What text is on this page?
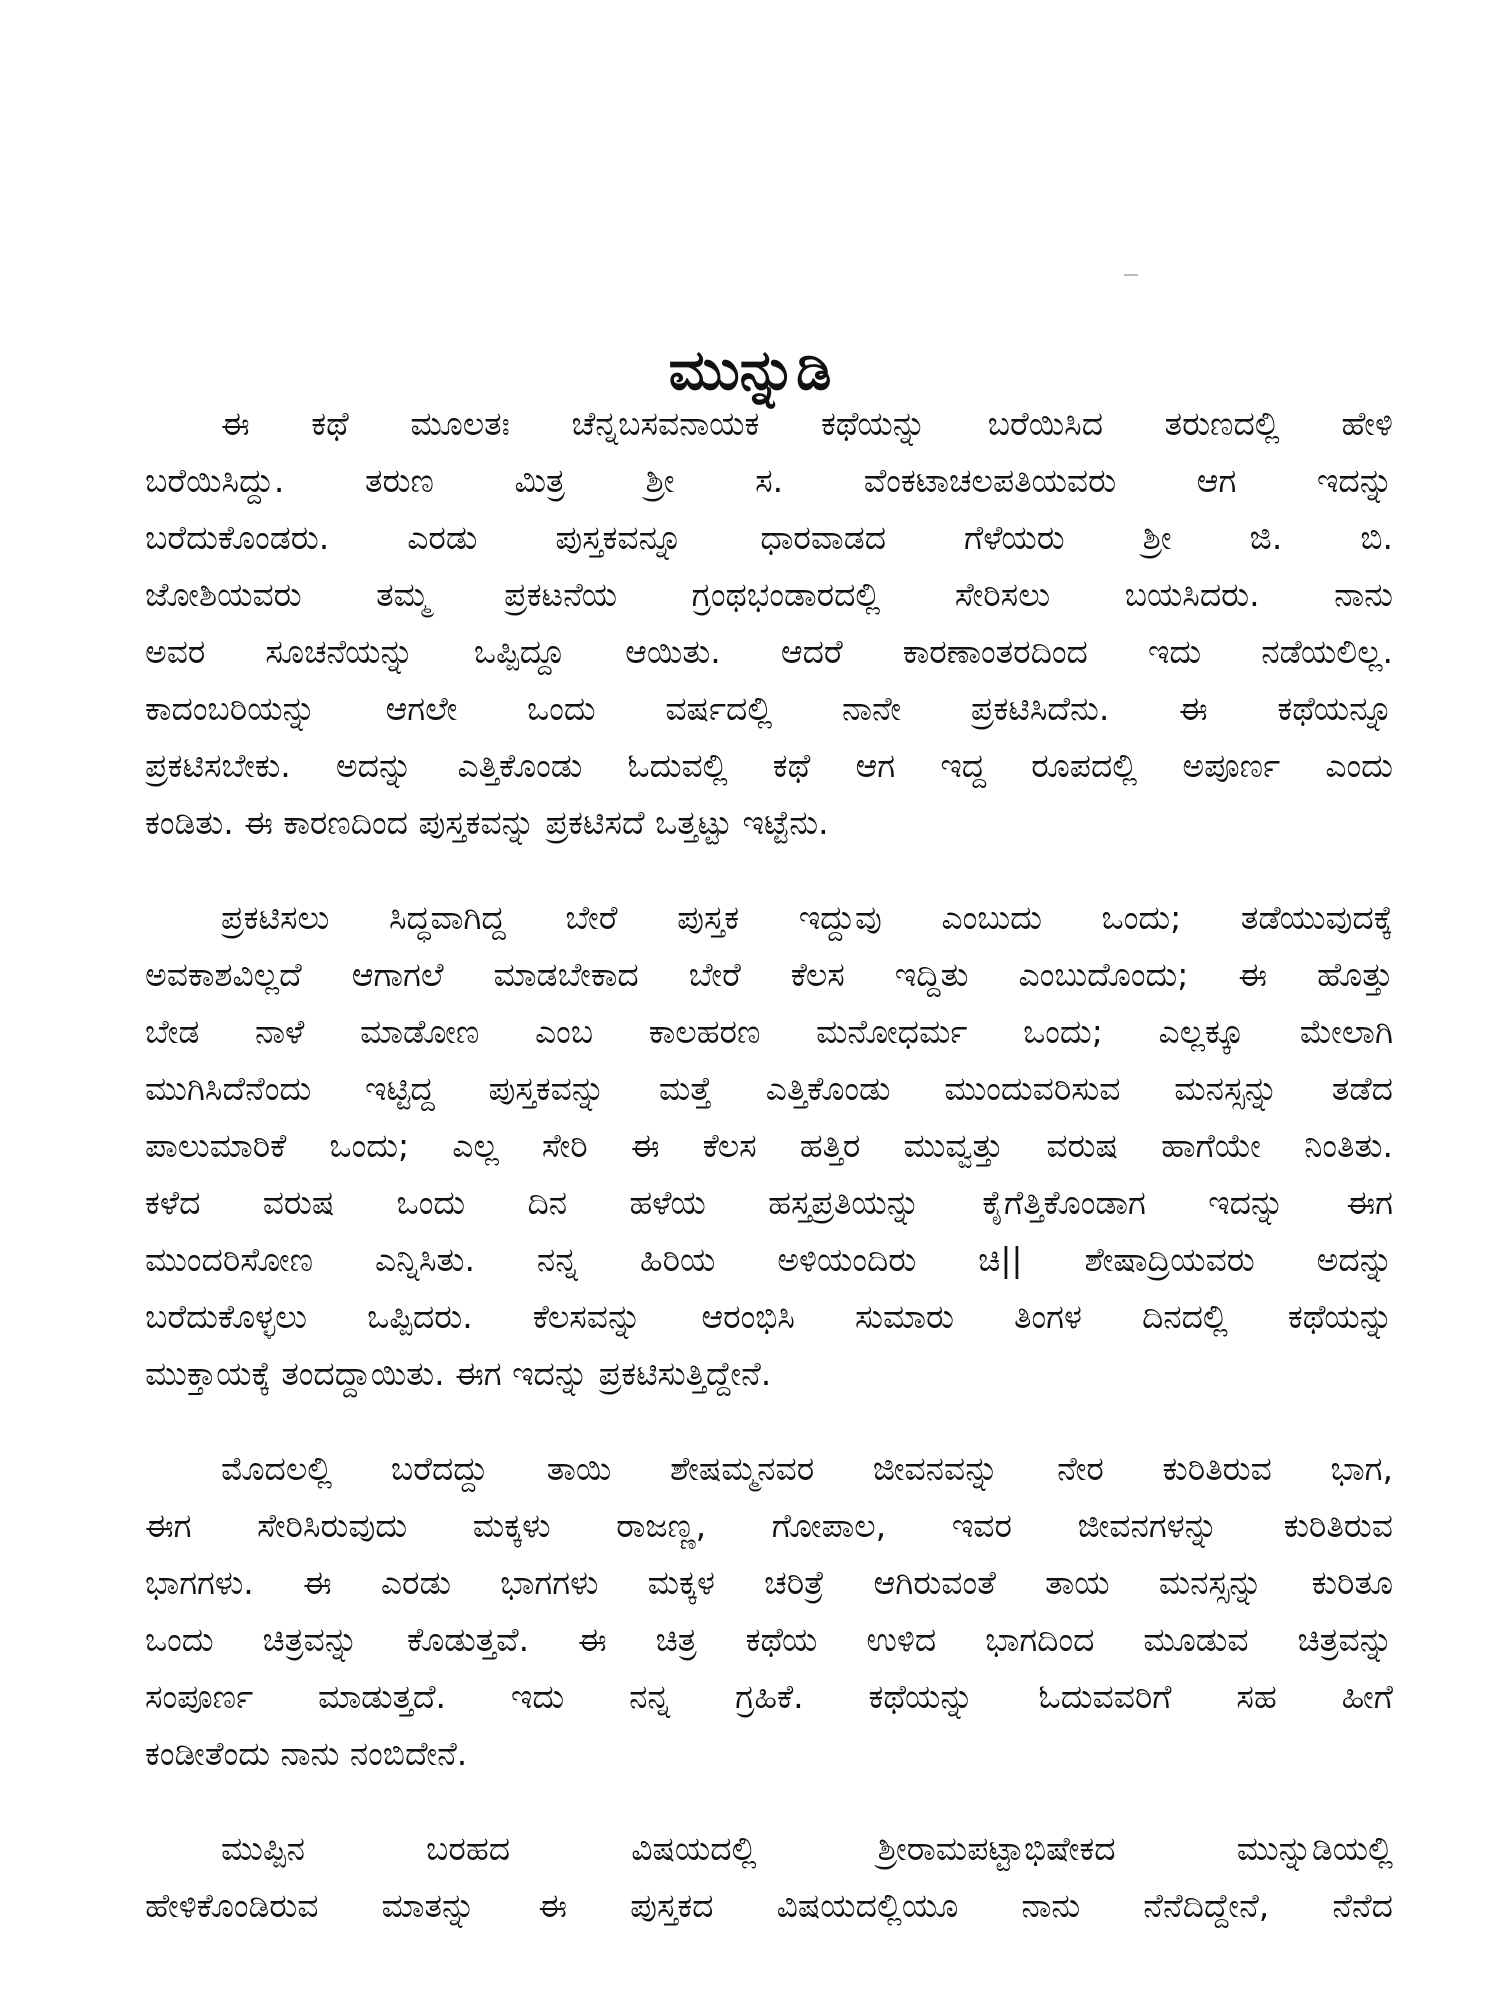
ಮುನ್ನುಡಿ
ಈ ಕಥೆ ಮೂಲತಃ ಚೆನ್ನಬಸವನಾಯಕ ಕಥೆಯನ್ನು ಬರೆಯಿಸಿದ ತರುಣದಲ್ಲಿ ಹೇಳಿ
ಬರೆಯಿಸಿದ್ದು. ತರುಣ ಮಿತ್ರ ಶ್ರೀ ಸ. ವೆಂಕಟಾಚಲಪತಿಯವರು ಆಗ ಇದನ್ನು
ಬರೆದುಕೊಂಡರು. ಎರಡು ಪುಸ್ತಕವನ್ನೂ ಧಾರವಾಡದ ಗೆಳೆಯರು ಶ್ರೀ ಜಿ. ಬಿ.
ಜೋಶಿಯವರು ತಮ್ಮ ಪ್ರಕಟನೆಯ ಗ್ರಂಥಭಂಡಾರದಲ್ಲಿ ಸೇರಿಸಲು ಬಯಸಿದರು. ನಾನು
ಅವರ ಸೂಚನೆಯನ್ನು ಒಪ್ಪಿದ್ದೂ ಆಯಿತು. ಆದರೆ ಕಾರಣಾಂತರದಿಂದ ಇದು ನಡೆಯಲಿಲ್ಲ.
ಕಾದಂಬರಿಯನ್ನು ಆಗಲೇ ಒಂದು ವರ್ಷದಲ್ಲಿ ನಾನೇ ಪ್ರಕಟಿಸಿದೆನು. ಈ ಕಥೆಯನ್ನೂ
ಪ್ರಕಟಿಸಬೇಕು. ಅದನ್ನು ಎತ್ತಿಕೊಂಡು ಓದುವಲ್ಲಿ ಕಥೆ ಆಗ ಇದ್ದ ರೂಪದಲ್ಲಿ ಅಪೂರ್ಣ ಎಂದು
ಕಂಡಿತು. ಈ ಕಾರಣದಿಂದ ಪುಸ್ತಕವನ್ನು ಪ್ರಕಟಿಸದೆ ಒತ್ತಟ್ಟು ಇಟ್ಟೆನು.
ಪ್ರಕಟಿಸಲು ಸಿದ್ಧವಾಗಿದ್ದ ಬೇರೆ ಪುಸ್ತಕ ಇದ್ದುವು ಎಂಬುದು ಒಂದು; ತಡೆಯುವುದಕ್ಕೆ
ಅವಕಾಶವಿಲ್ಲದೆ ಆಗಾಗಲೆ ಮಾಡಬೇಕಾದ ಬೇರೆ ಕೆಲಸ ಇದ್ದಿತು ಎಂಬುದೊಂದು; ಈ ಹೊತ್ತು
ಬೇಡ ನಾಳೆ ಮಾಡೋಣ ಎಂಬ ಕಾಲಹರಣ ಮನೋಧರ್ಮ ಒಂದು; ಎಲ್ಲಕ್ಕೂ ಮೇಲಾಗಿ
ಮುಗಿಸಿದೆನೆಂದು ಇಟ್ಟಿದ್ದ ಪುಸ್ತಕವನ್ನು ಮತ್ತೆ ಎತ್ತಿಕೊಂಡು ಮುಂದುವರಿಸುವ ಮನಸ್ಸನ್ನು ತಡೆದ
ಪಾಲುಮಾರಿಕೆ ಒಂದು; ಎಲ್ಲ ಸೇರಿ ಈ ಕೆಲಸ ಹತ್ತಿರ ಮುವ್ವತ್ತು ವರುಷ ಹಾಗೆಯೇ ನಿಂತಿತು.
ಕಳೆದ ವರುಷ ಒಂದು ದಿನ ಹಳೆಯ ಹಸ್ತಪ್ರತಿಯನ್ನು ಕೈಗೆತ್ತಿಕೊಂಡಾಗ ಇದನ್ನು ಈಗ
ಮುಂದರಿಸೋಣ ಎನ್ನಿಸಿತು. ನನ್ನ ಹಿರಿಯ ಅಳಿಯಂದಿರು ಚಿ|| ಶೇಷಾದ್ರಿಯವರು ಅದನ್ನು
ಬರೆದುಕೊಳ್ಳಲು ಒಪ್ಪಿದರು. ಕೆಲಸವನ್ನು ಆರಂಭಿಸಿ ಸುಮಾರು ತಿಂಗಳ ದಿನದಲ್ಲಿ ಕಥೆಯನ್ನು
ಮುಕ್ತಾಯಕ್ಕೆ ತಂದದ್ದಾಯಿತು. ಈಗ ಇದನ್ನು ಪ್ರಕಟಿಸುತ್ತಿದ್ದೇನೆ.
ಮೊದಲಲ್ಲಿ ಬರೆದದ್ದು ತಾಯಿ ಶೇಷಮ್ಮನವರ ಜೀವನವನ್ನು ನೇರ ಕುರಿತಿರುವ ಭಾಗ,
ಈಗ ಸೇರಿಸಿರುವುದು ಮಕ್ಕಳು ರಾಜಣ್ಣ, ಗೋಪಾಲ, ಇವರ ಜೀವನಗಳನ್ನು ಕುರಿತಿರುವ
ಭಾಗಗಳು. ಈ ಎರಡು ಭಾಗಗಳು ಮಕ್ಕಳ ಚರಿತ್ರೆ ಆಗಿರುವಂತೆ ತಾಯ ಮನಸ್ಸನ್ನು ಕುರಿತೂ
ಒಂದು ಚಿತ್ರವನ್ನು ಕೊಡುತ್ತವೆ. ಈ ಚಿತ್ರ ಕಥೆಯ ಉಳಿದ ಭಾಗದಿಂದ ಮೂಡುವ ಚಿತ್ರವನ್ನು
ಸಂಪೂರ್ಣ ಮಾಡುತ್ತದೆ. ಇದು ನನ್ನ ಗ್ರಹಿಕೆ. ಕಥೆಯನ್ನು ಓದುವವರಿಗೆ ಸಹ ಹೀಗೆ
ಕಂಡೀತೆಂದು ನಾನು ನಂಬಿದೇನೆ.
ಮುಪ್ಪಿನ ಬರಹದ ವಿಷಯದಲ್ಲಿ ಶ್ರೀರಾಮಪಟ್ಟಾಭಿಷೇಕದ ಮುನ್ನುಡಿಯಲ್ಲಿ
ಹೇಳಿಕೊಂಡಿರುವ ಮಾತನ್ನು ಈ ಪುಸ್ತಕದ ವಿಷಯದಲ್ಲಿಯೂ ನಾನು ನೆನೆದಿದ್ದೇನೆ, ನೆನೆದ
